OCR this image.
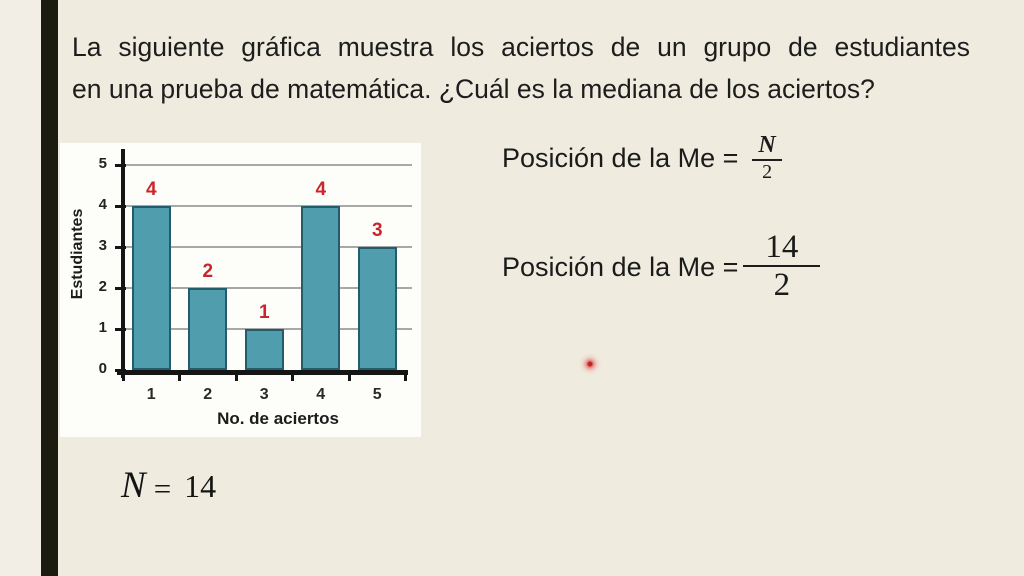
La siguiente gráfica muestra los aciertos de un grupo de estudiantes
en una prueba de matemática. ¿Cuál es la mediana de los aciertos?
Estudiantes
No. de aciertos
0
1
2
3
4
5
4
1
2
2
1
3
4
4
3
5
Posición de la $Me = \frac{N}{2}$
Posición de la $Me = \frac{14}{2}$
N = 14
